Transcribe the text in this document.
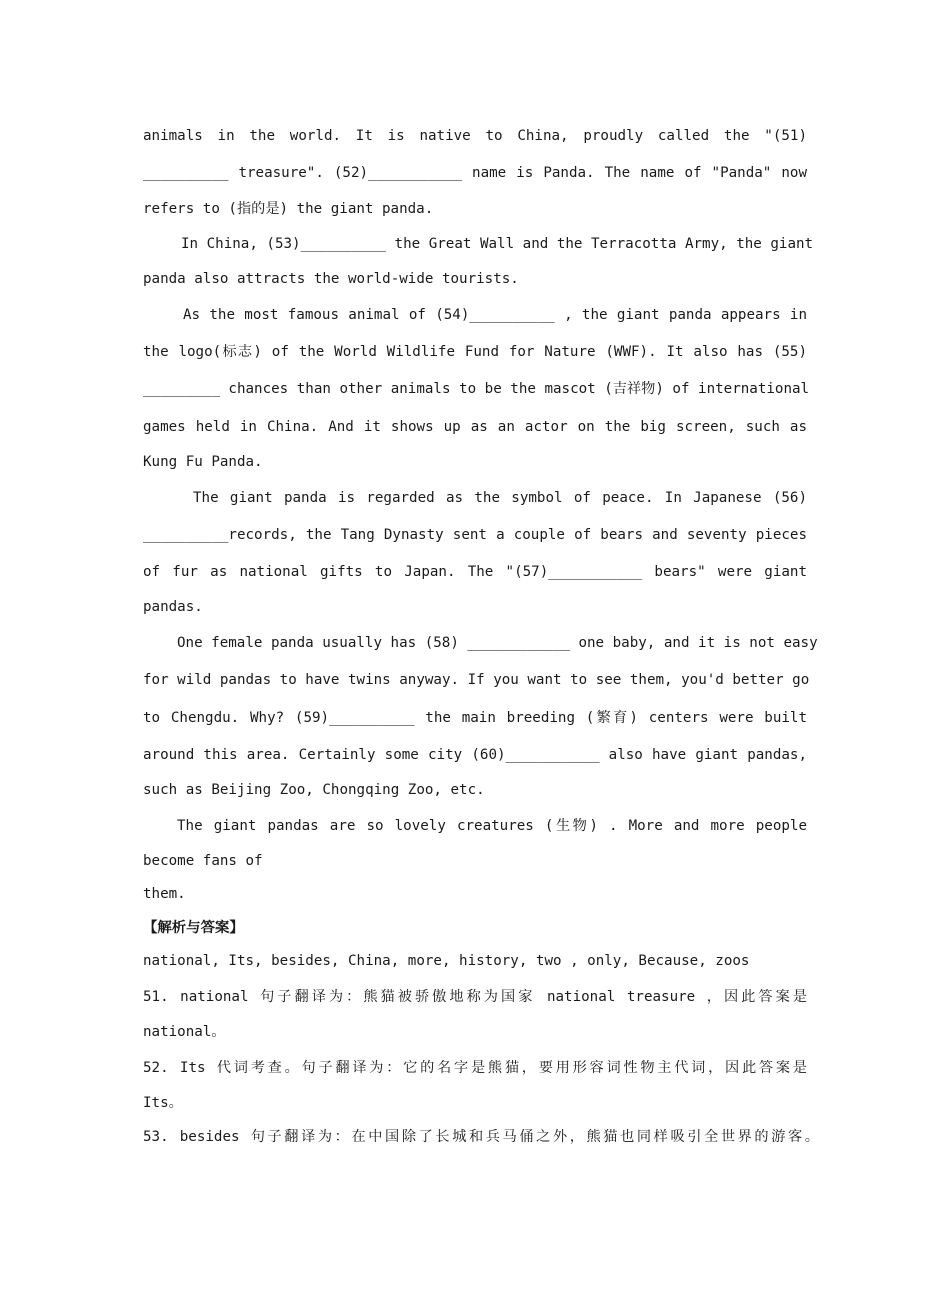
animals in the world. It is native to China, proudly called the "(51)
__________ treasure". (52)___________ name is Panda. The name of "Panda" now
refers to (指的是) the giant panda.
In China, (53)__________ the Great Wall and the Terracotta Army, the giant
panda also attracts the world-wide tourists.
As the most famous animal of (54)__________ , the giant panda appears in
the logo(标志) of the World Wildlife Fund for Nature (WWF). It also has (55)
_________ chances than other animals to be the mascot (吉祥物) of international
games held in China. And it shows up as an actor on the big screen, such as
Kung Fu Panda.
The giant panda is regarded as the symbol of peace. In Japanese (56)
__________records, the Tang Dynasty sent a couple of bears and seventy pieces
of fur as national gifts to Japan. The "(57)___________ bears" were giant
pandas.
One female panda usually has (58) ____________ one baby, and it is not easy
for wild pandas to have twins anyway. If you want to see them, you'd better go
to Chengdu. Why? (59)__________ the main breeding (繁育) centers were built
around this area. Certainly some city (60)___________ also have giant pandas,
such as Beijing Zoo, Chongqing Zoo, etc.
The giant pandas are so lovely creatures (生物) . More and more people
become fans of
them.
【解析与答案】
national, Its, besides, China, more, history, two , only, Because, zoos
51. national 句子翻译为：熊猫被骄傲地称为国家 national treasure ，因此答案是
national。
52. Its 代词考查。句子翻译为：它的名字是熊猫，要用形容词性物主代词，因此答案是
Its。
53. besides 句子翻译为：在中国除了长城和兵马俑之外，熊猫也同样吸引全世界的游客。
